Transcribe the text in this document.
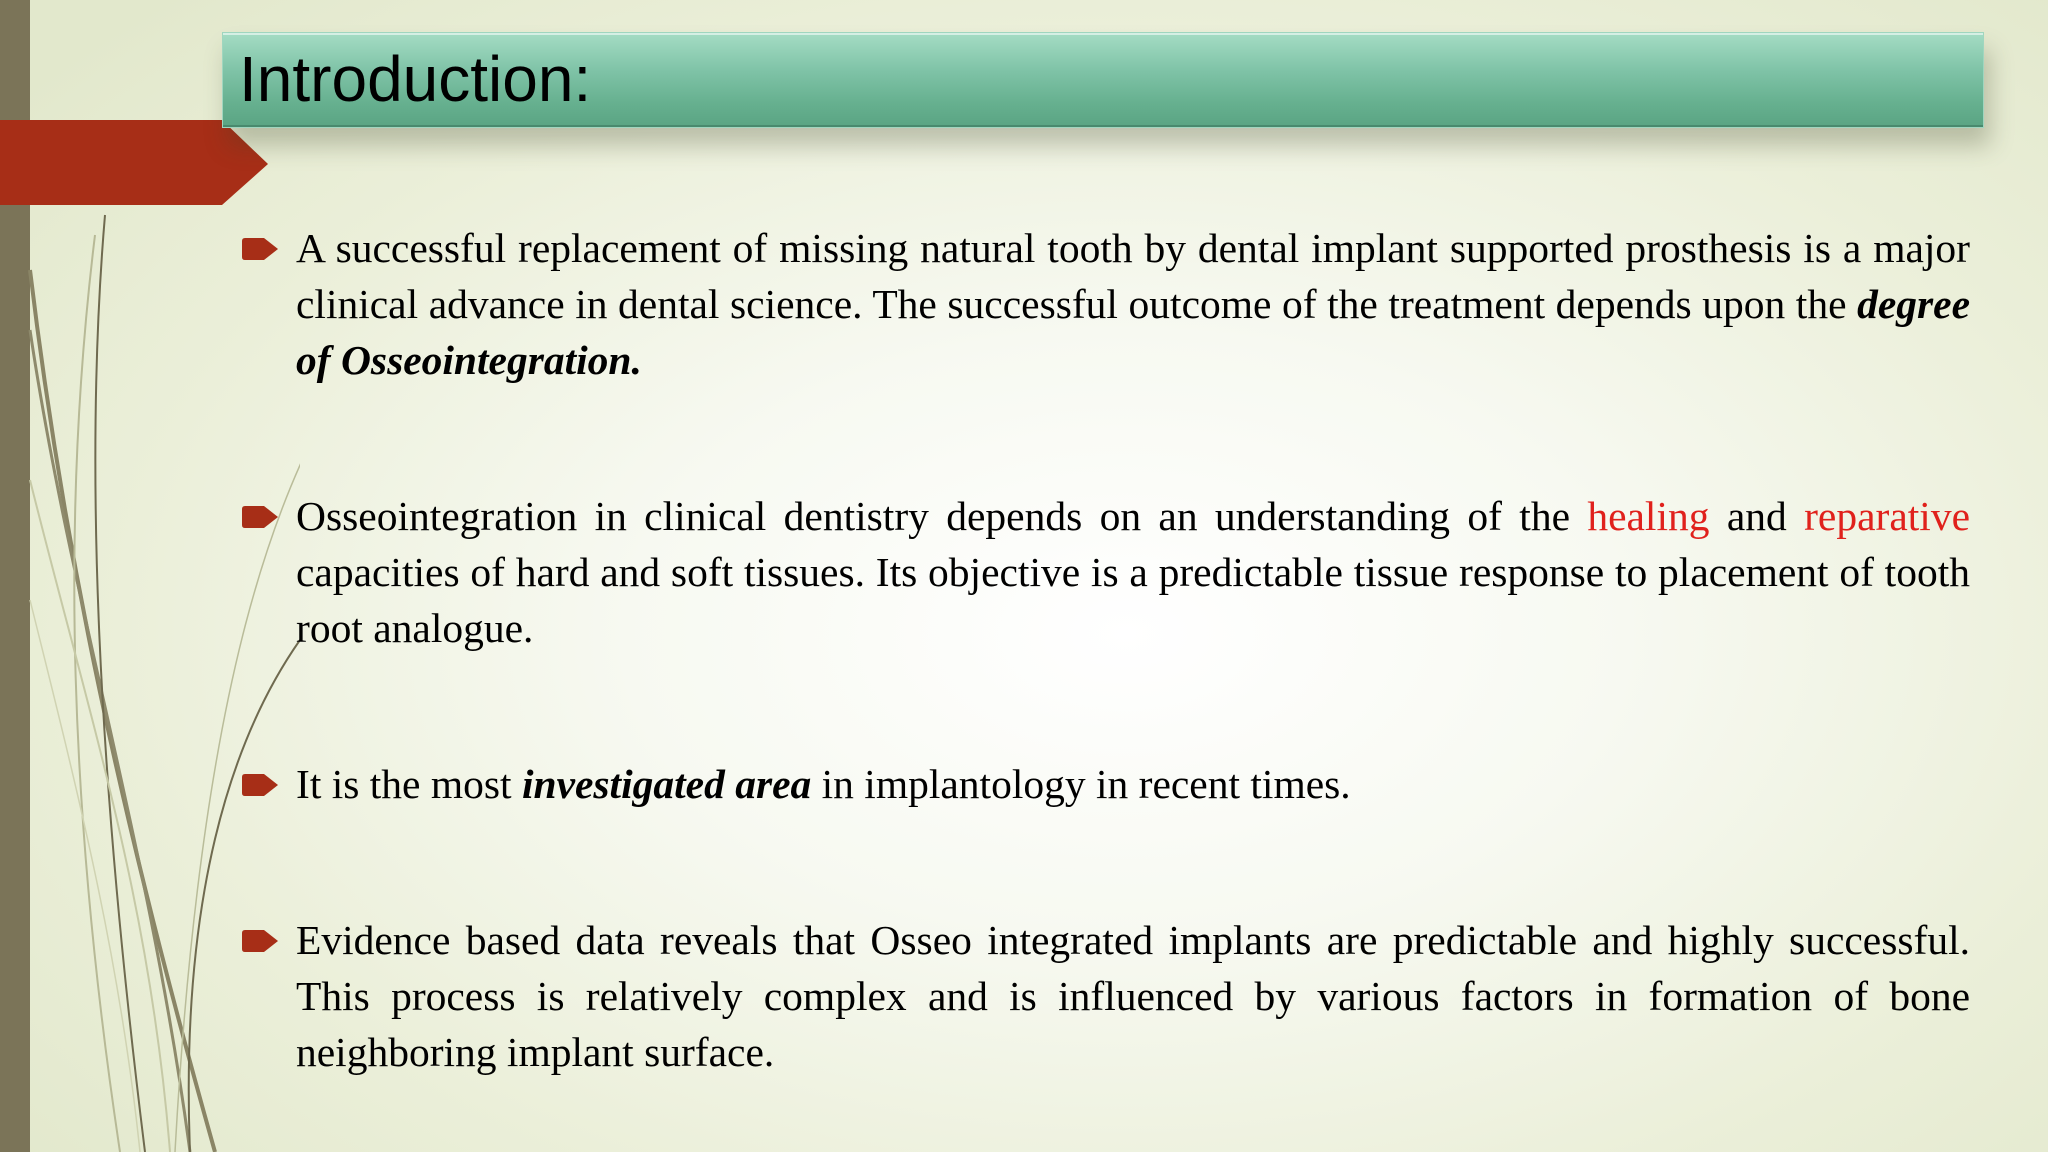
Introduction:
A successful replacement of missing natural tooth by dental implant supported prosthesis is a major clinical advance in dental science. The successful outcome of the treatment depends upon the degree of Osseointegration.
Osseointegration in clinical dentistry depends on an understanding of the healing and reparative capacities of hard and soft tissues. Its objective is a predictable tissue response to placement of tooth root analogue.
It is the most investigated area in implantology in recent times.
Evidence based data reveals that Osseo integrated implants are predictable and highly successful. This process is relatively complex and is influenced by various factors in formation of bone neighboring implant surface.
